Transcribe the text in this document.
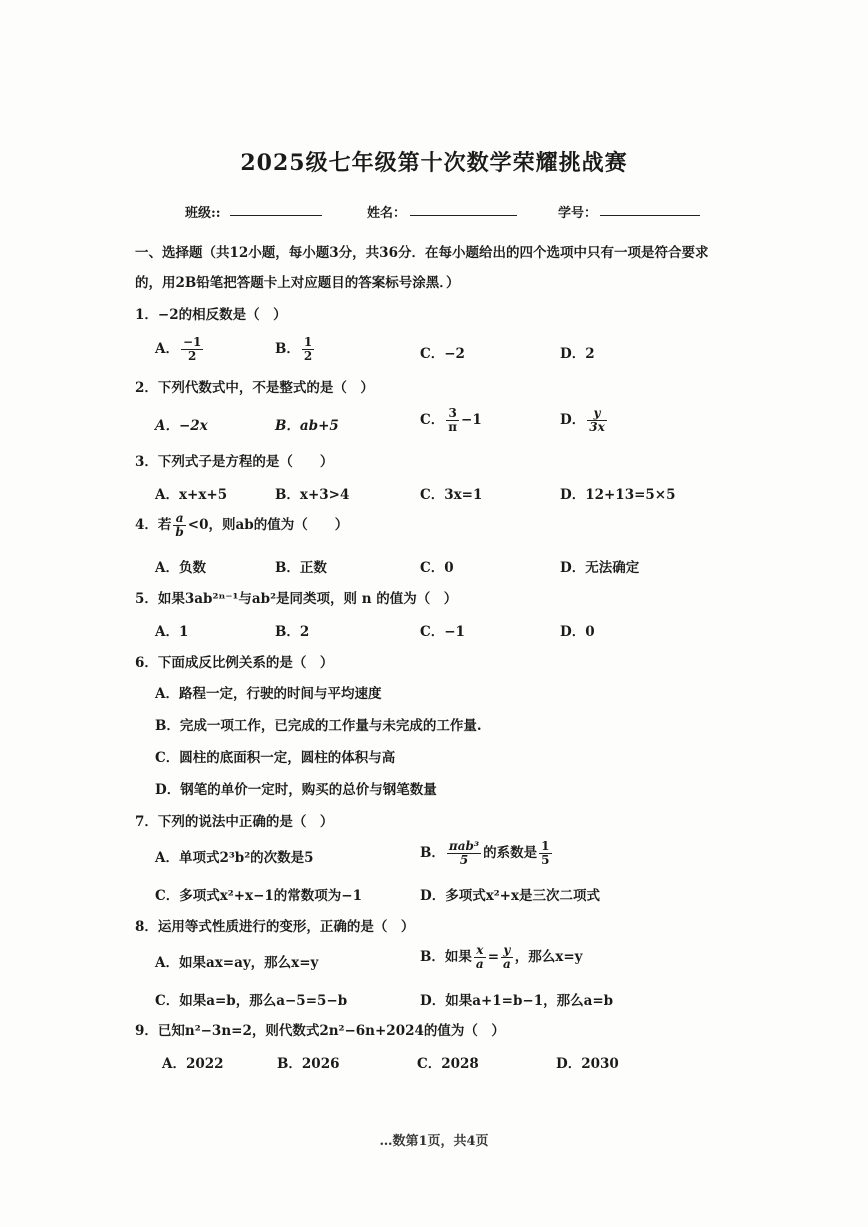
2025级七年级第十次数学荣耀挑战赛
班级::	姓名：	学号：
一、选择题（共12小题，每小题3分，共36分．在每小题给出的四个选项中只有一项是符合要求
的，用2B铅笔把答题卡上对应题目的答案标号涂黑．）
1．−2的相反数是（　）
A． $\frac{-1}{2}$	B． $\frac{1}{2}$	C．−2	D．2
2．下列代数式中，不是整式的是（　）
A．−2x	B．ab+5	C． $\frac{3}{\pi} -1$	D． $\frac{y}{3x}$
3．下列式子是方程的是（　　）
A．x+x+5	B．x+3>4	C．3x=1	D．12+13=5×5
4．若 $\frac{a}{b} <0$，则ab的值为（　　）
A．负数	B．正数	C．0	D．无法确定
5．如果3ab²ⁿ⁻¹与ab²是同类项，则 n 的值为（　）
A．1	B．2	C．−1	D．0
6．下面成反比例关系的是（　）
A．路程一定，行驶的时间与平均速度
B．完成一项工作，已完成的工作量与未完成的工作量.
C．圆柱的底面积一定，圆柱的体积与高
D．钢笔的单价一定时，购买的总价与钢笔数量
7．下列的说法中正确的是（　）
A．单项式2³b²的次数是5	B． $\frac{\text{πab³}}{5}$ 的系数是 $\frac{1}{5}$
C．多项式x²+x−1的常数项为−1	D．多项式x²+x是三次二项式
8．运用等式性质进行的变形，正确的是（　）
A．如果ax=ay，那么x=y	B．如果 $\frac{x}{a} = \frac{y}{a}$ ，那么x=y
C．如果a=b，那么a−5=5−b	D．如果a+1=b−1，那么a=b
9．已知n²−3n=2，则代数式2n²−6n+2024的值为（　）
A．2022	B．2026	C．2028	D．2030
…数第1页，共4页
